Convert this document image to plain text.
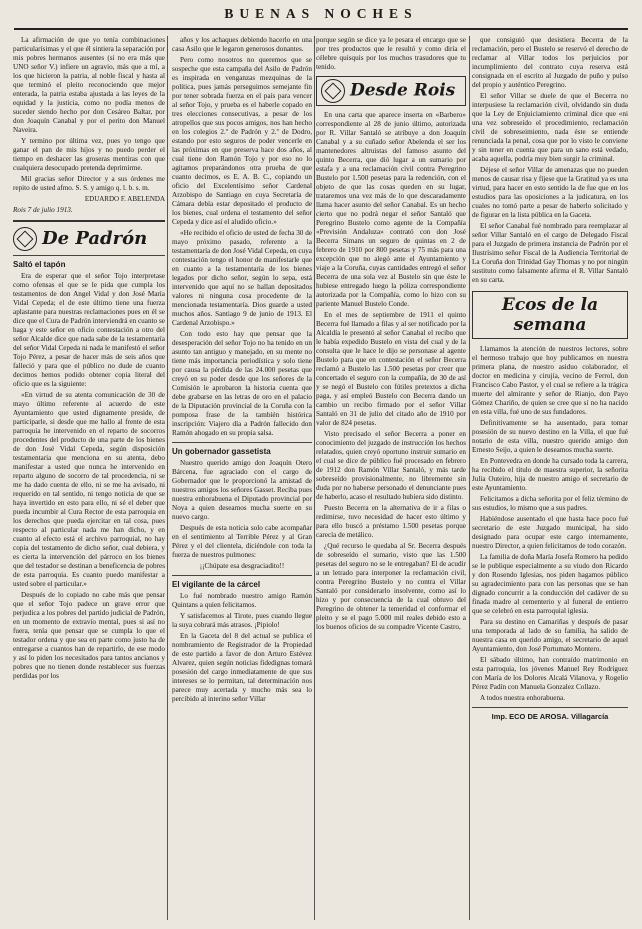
BUENAS NOCHES

La afirmación de que yo tenía combinaciones particularísimas y el que él sintiera la separación por mis pobres hermanos ausentes (si no era más que UNO señor V.) infiere un agravio, más que a mí, a los que hicieron la patria, al noble fiscal y hasta al que terminó el pleito reconociendo que mejor enterada, la patria estaba ajustada a las leyes de la equidad y la justicia, como no podía menos de suceder siendo hecho por don Cesáreo Baltar, por don Joaquín Canabal y por el perito don Manuel Naveira.

Y termino por última vez, pues yo tengo que ganar el pan de mis hijos y no puedo perder el tiempo en deshacer las groseras mentiras con que cualquiera desocupado pretenda deprimirme.

Mil gracias señor Director y a sus órdenes me repito de usted afmo. S. S. y amigo q. l. b. s. m.

EDUARDO F. ABELENDA

Rois 7 de julio 1913.

De Padrón
Saltó el tapón

Era de esperar que el señor Tojo interpretase como ofensas el que se le pida que cumpla los testamentos de don Angel Vidal y don José María Vidal Cepeda; el de este último tiene una fuerza aplastante para nuestras reclamaciones pues en él se dice que el Cura de Padrón interviendrá en cuanto se haga y este señor en oficio contestación a otro del señor Alcalde dice que nada sabe de la testamentaría del señor Vidal Cepeda ni nada le manifestó el señor Tojo Pérez, a pesar de hacer más de seis años que falleció y para que el público no dude de cuanto decimos hemos podido obtener copia literal del oficio que es la siguiente:

«En virtud de su atenta comunicación de 30 de mayo último referente al acuerdo de este Ayuntamiento que usted dignamente preside, de participarle, si desde que me hallo al frente de esta parroquia he intervenido en el reparto de socorros procedentes del producto de una parte de los bienes de don José Vidal Cepeda, según disposición testamentaria que menciona en su atenta, debo manifestar a usted que nunca he intervenido en reparto alguno de socorro de tal procedencia, ni se me ha dado cuenta de ello, ni se me ha avisado, ni requerido en tal sentido, ni tengo noticia de que se haya invertido en esto para ello, ni sé el deber que pueda incumbir al Cura Rector de esta parroquia en los derechos que pueda ejercitar en tal cosa, pues respecto al particular nada me han dicho, y en cuanto al efecto está el archivo parroquial, no hay copia del testamento de dicho señor, cual debiera, y es cierta la intervención del párroco en los bienes que del testador se destinan a beneficencia de pobres de esta parroquia. Es cuanto puedo manifestar a usted sobre el particular.»

Después de lo copiado no cabe más que pensar que el señor Tojo padece un grave error que perjudica a los pobres del partido judicial de Padrón, en un momento de extravío mental, pues si así no fuera, tenía que pensar que se cumpla lo que el testador ordena y que sea en parte como justo ha de entregarse a cuantos han de repartirlo, de ese modo y así lo piden los necesitados para tantos ancianos y pobres que no tienen donde restablecer sus fuerzas perdidas por los

años y los achaques debiendo hacerlo en una casa Asilo que le legaron generosos donantes.

Pero como nosotros no queremos que se sospeche que esta campaña del Asilo de Padrón es inspirada en venganzas mezquinas de la política, pues jamás perseguimos semejante fin por tener sobrada fuerza en el país para vencer al señor Tojo, y prueba es el haberle copado en tres elecciones consecutivas, a pesar de los atropellos que sus pocos amigos, nos han hecho en los colegios 2.º de Padrón y 2.º de Dodro, estando por esto seguros de poder vencerle en las próximas en que preserva hace dos años, al cual tiene don Ramón Tojo y por eso no lo agitamos preparándonos otra prueba de que cuanto decimos, es E. A. B. C., copiando un oficio del Excelentísimo señor Cardenal Arzobispo de Santiago en cuya Secretaría de Cámara debía estar depositado el producto de los bienes, cual ordena el testamento del señor Cepeda y dice así el aludido oficio.»

«He recibido el oficio de usted de fecha 30 de mayo próximo pasado, referente a la testamentaría de don José Vidal Cepeda, en cuya contestación tengo el honor de manifestarle que en cuanto a la testamentaría de los bienes legados por dicho señor, según lo sepa, está intervenido que aquí no se hallan depositados valores ni ninguna cosa procedente de la mencionada testamentaría. Dios guarde a usted muchos años. Santiago 9 de junio de 1913. El Cardenal Arzobispo.»

Con todo esto hay que pensar que la desesperación del señor Tojo no ha tenido en un asunto tan antiguo y manejado, en su mente no tiene más importancia periodística y solo tiene por causa la pérdida de las 24.000 pesetas que creyó en su poder desde que los señores de la Comisión le aprobaron la historia cuenta que debe grabarse en las letras de oro en el palacio de la Diputación provincial de la Coruña con la pomposa frase de la tambíén histórica inscripción: Viajero día a Padrón fallecido don Ramón ahogado en su propia salsa.

Un gobernador gassetista

Nuestro querido amigo don Joaquín Otero Bárcena, fue agraciado con el cargo de Gobernador que le proporcionó la amistad de nuestros amigos los señores Gasset. Reciba pues nuestra enhorabuena el Diputado provincial por Noya a quien deseamos mucha suerte en su nuevo cargo.

Después de esta noticia solo cabe acompañar en el sentimiento al Terrible Pérez y al Gran Pérez y el del clientela, diciéndole con toda la fuerza de nuestros pulmones:

¡¡Chúpate esa desgraciadito!!

El vigilante de la cárcel

Lo fué nombrado nuestro amigo Ramón Quintans a quien felicitamos.

Y satisfacemos al Tirote, pues cuando llegue la suya cobrará más atrasos. ¡Pipiolo!

En la Gaceta del 8 del actual se publica el nombramiento de Registrador de la Propiedad de este partido a favor de don Arturo Estévez Alvarez, quien según noticias fidedignas tomará posesión del cargo inmediatamente de que sus intereses se lo permitan, tal determinación nos parece muy acertada y mucho más sea lo percibido al interino señor Villar

porque según se dice ya le pesara el encargo que se por tres productos que le resultó y como diría el célebre quisquis por los muchos trasudores que tu tenido.

Desde Rois

En una carta que aparece inserta en «Barbero» correspondiente al 28 de junio último, autorizada por R. Villar Santaló se atribuye a don Joaquín Canabal y a su cuñado señor Abelenda el ser los mantenedores altruistas del famoso asunto del quinto Becerra, que dió lugar a un sumario por estafa y a una reclamación civil contra Peregrino Bustelo por 1.500 pesetas para la redención, con el objeto de que las cosas queden en su lugar, trataremos una vez más de lo que descaradamente llama hacer asunto del señor Canabal. Es un hecho cierto que no podrá negar el señor Santaló que Peregrino Bustelo como agente de la Compañía «Previsión Andaluza» contrató con don José Becerra Simans un seguro de quintas en 2 de febrero de 1910 por 800 pesetas y 75 más para una excepción que no alegó ante el Ayuntamiento y viaje a la Coruña, cuyas cantidades entregó el señor Becerra de una sola vez al Bustelo sin que éste le hubiese entregado luego la póliza correspondiente autorizada por la Compañía, como lo hizo con su pariente Manuel Bustelo Conde.

En el mes de septiembre de 1911 el quinto Becerra fué llamado a filas y al ser notificado por la Alcaldía le presentó al señor Canabal el recibo que le había expedido Bustelo en vista del cual y de la consulta que le hace le dijo se personase al agente Bustelo para que en contestación el señor Becerra reclamó a Bustelo las 1.500 pesetas por creer que concertado el seguro con la compañía, de 30 de así y se negó el Bustelo con fútiles pretextos a dicha paga, y así empleó Bustelo con Becerra dando un cambio un recibo firmado por el señor Villar Santaló en 31 de julio del citado año de 1910 por valor de 824 pesetas.

Visto precisado el señor Becerra a poner en conocimiento del juzgado de instrucción los hechos relatados, quien creyó oportuno instruir sumario en el cual se dice de público fué procesado en febrero de 1912 don Ramón Villar Santaló, y más tarde sobreseído provisionalmente, no libremente sin duda por no haberse personado el denunciante pues de haberlo, acaso el resultado hubiera sido distinto.

Puesto Becerra en la alternativa de ir a filas o redimirse, tuvo necesidad de hacer esto último y para ello buscó a préstamo 1.500 pesetas porque carecía de metálico.

¿Qué recurso le quedaba al Sr. Becerra después de sobreseído el sumario, visto que las 1.500 pesetas del seguro no se le entregaban? El de acudir a un letrado para interponer la reclamación civil, contra Peregrino Bustelo y no contra el Villar Santaló por considerarlo insolvente, como así lo hizo y por consecuencia de la cual obtuvo del Peregrino de obtener la temeridad el conformar el pleito y se el pago 5.000 mil reales debido esto a los buenos oficios de su compadre Vicente Castro,

que consiguió que desistiera Becerra de la reclamación, pero el Bustelo se reservó el derecho de reclamar al Villar todos los perjuicios por incumplimiento del contrato cuya reserva está consignada en el escrito al Juzgado de puño y pulso del propio y auténtico Peregrino.

El señor Villar se duele de que el Becerra no interpusiese la reclamación civil, olvidando sin duda que la Ley de Enjuiciamiento criminal dice que «ni una vez sobreseído el procedimiento, reclamación civil de sobreseimiento, nada éste se entiende renunciada la penal, cosa que por lo visto le conviene y sin tener en cuenta que para un sano está vedado, acaba aquella, podría muy bien surgir la criminal.

Déjese el señor Villar de amenazas que no pueden menos de causar risa y fíjese que la Gratitud ya es una virtud, para hacer en esto sentido la de fue que en los estudios para las oposiciones a la judicatura, en los cuales no tomó parte a pesar de haberlo solicitado y de figurar en la lista pública en la Gaceta.

El señor Canabal fué nombrado para reemplazar al señor Villar Santaló en el cargo de Delegado Fiscal para el Juzgado de primera instancia de Padrón por el Ilustrísimo señor Fiscal de la Audiencia Territorial de La Coruña don Trinidad Gay Thomas y no por ningún sustituto como falsamente afirma el R. Villar Santaló en su carta.

Ecos de la semana

Llamamos la atención de nuestros lectores, sobre el hermoso trabajo que hoy publicamos en nuestra primera plana, de nuestro asiduo colaborador, el doctor en medicina y cirujía, vecino de Ferrol, don Francisco Cabo Pastor, y el cual se refiere a la trágica muerte del almirante y señor de Rianjo, don Payo Gómez Chariño, de quien se cree que sí no ha nacido en esta villa, fué uno de sus fundadores.

Definitivamente se ha ausentado, para tomar posesión de su nuevo destino en la Villa, el que fué notario de esta villa, nuestro querido amigo don Ernesto Seijo, a quien le deseamos mucha suerte.

En Pontevedra en donde ha cursado toda la carrera, ha recibido el título de maestra superior, la señorita Julia Outeiro, hija de nuestro amigo el secretario de este Ayuntamiento.

Felicitamos a dicha señorita por el feliz término de sus estudios, lo mismo que a sus padres.

Habiéndose ausentado el que hasta hace poco fué secretario de este Juzgado municipal, ha sido designado para ocupar este cargo internamente, nuestro Director, a quien felicitamos de todo corazón.

La familia de doña María Josefa Romero ha pedido se le publique especialmente a su viudo don Ricardo y don Rosendo Iglesias, nos piden hagamos público su agradecimiento para con las personas que se han dignado concurrir a la conducción del cadáver de su finada madre al cementerio y al funeral de entierro que se celebró en esta parroquial iglesia.

Para su destino en Camariñas y después de pasar una temporada al lado de su familia, ha salido de nuestra casa en querido amigo, el secretario de aquel Ayuntamiento, don José Portumato Montero.

El sábado último, han contraído matrimonio en esta parroquia, los jóvenes Manuel Rey Rodríguez con María de los Dolores Alcalá Vilanova, y Rogelio Pérez Padín con Manuela Gonzalez Collazo.

A todos nuestra enhorabuena.

Imp. ECO DE AROSA. Villagarcía
